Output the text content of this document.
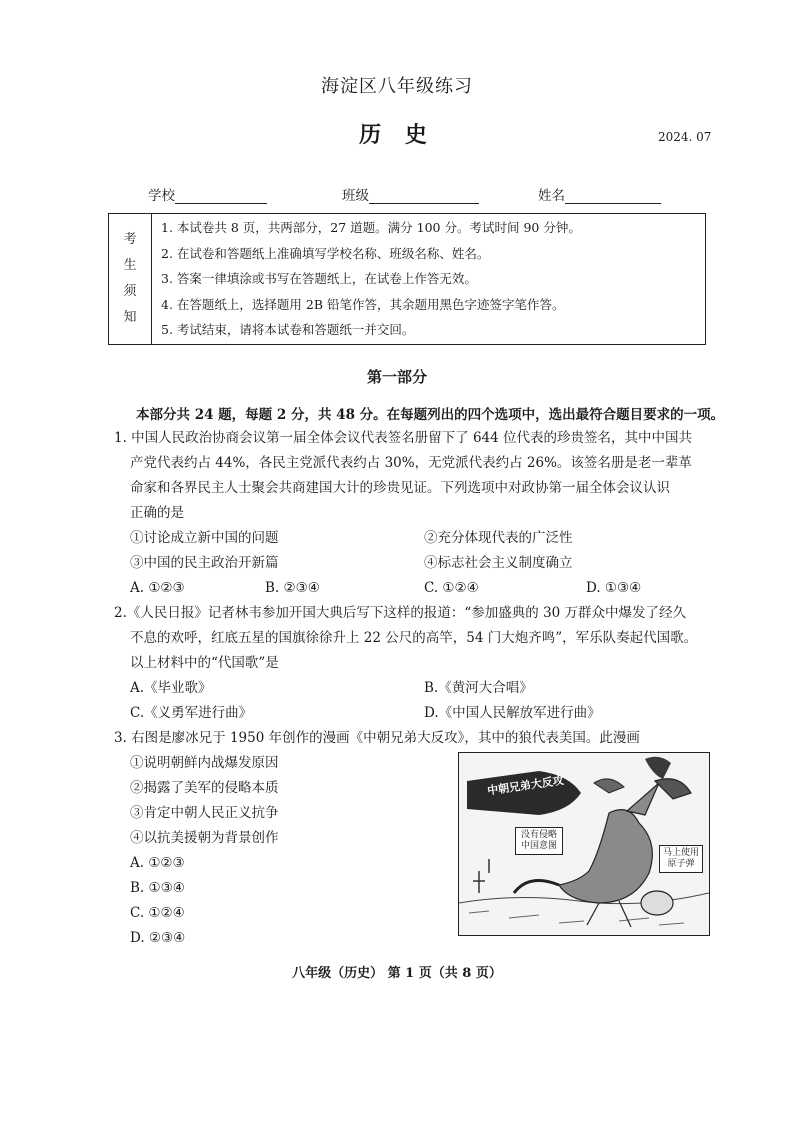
海淀区八年级练习
历 史	2024. 07
学校	班级	姓名
考
生
须
知

1. 本试卷共 8 页，共两部分，27 道题。满分 100 分。考试时间 90 分钟。
2. 在试卷和答题纸上准确填写学校名称、班级名称、姓名。
3. 答案一律填涂或书写在答题纸上，在试卷上作答无效。
4. 在答题纸上，选择题用 2B 铅笔作答，其余题用黑色字迹签字笔作答。
5. 考试结束，请将本试卷和答题纸一并交回。
第一部分
本部分共 24 题，每题 2 分，共 48 分。在每题列出的四个选项中，选出最符合题目要求的一项。
1. 中国人民政治协商会议第一届全体会议代表签名册留下了 644 位代表的珍贵签名，其中中国共
产党代表约占 44%，各民主党派代表约占 30%，无党派代表约占 26%。该签名册是老一辈革
命家和各界民主人士聚会共商建国大计的珍贵见证。下列选项中对政协第一届全体会议认识
正确的是
①讨论成立新中国的问题	②充分体现代表的广泛性
③中国的民主政治开新篇	④标志社会主义制度确立
A. ①②③	B. ②③④	C. ①②④	D. ①③④
2.《人民日报》记者林韦参加开国大典后写下这样的报道：“参加盛典的 30 万群众中爆发了经久
不息的欢呼，红底五星的国旗徐徐升上 22 公尺的高竿，54 门大炮齐鸣”，军乐队奏起代国歌。
以上材料中的“代国歌”是
A.《毕业歌》	B.《黄河大合唱》
C.《义勇军进行曲》	D.《中国人民解放军进行曲》
3. 右图是廖冰兄于 1950 年创作的漫画《中朝兄弟大反攻》，其中的狼代表美国。此漫画
①说明朝鲜内战爆发原因
②揭露了美军的侵略本质
③肯定中朝人民正义抗争
④以抗美援朝为背景创作
A. ①②③
B. ①③④
C. ①②④
D. ②③④
中朝兄弟大反攻
没有侵略中国意图
马上使用原子弹
八年级（历史） 第 1 页（共 8 页）
